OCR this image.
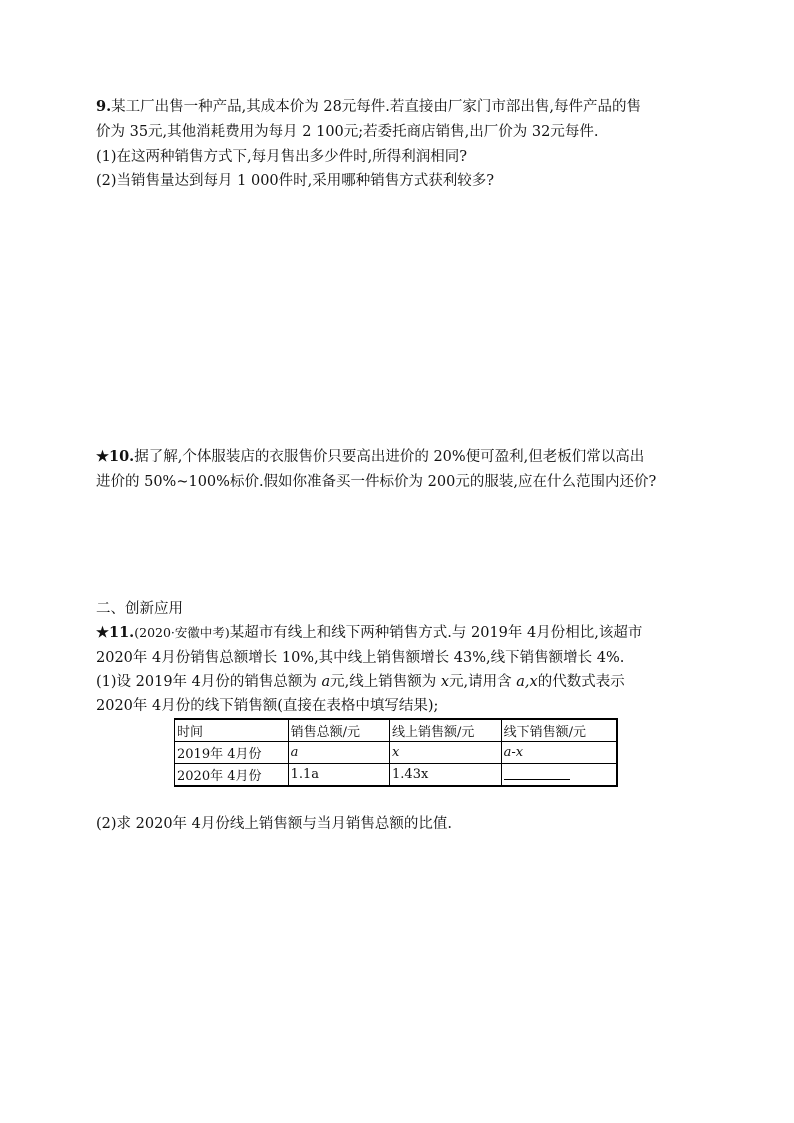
9.某工厂出售一种产品,其成本价为 28元每件.若直接由厂家门市部出售,每件产品的售
价为 35元,其他消耗费用为每月 2 100元;若委托商店销售,出厂价为 32元每件.
(1)在这两种销售方式下,每月售出多少件时,所得利润相同?
(2)当销售量达到每月 1 000件时,采用哪种销售方式获利较多?
★10.据了解,个体服装店的衣服售价只要高出进价的 20%便可盈利,但老板们常以高出
进价的 50%~100%标价.假如你准备买一件标价为 200元的服装,应在什么范围内还价?
二、创新应用
★11.(2020·安徽中考)某超市有线上和线下两种销售方式.与 2019年 4月份相比,该超市
2020年 4月份销售总额增长 10%,其中线上销售额增长 43%,线下销售额增长 4%.
(1)设 2019年 4月份的销售总额为 a元,线上销售额为 x元,请用含 a,x的代数式表示
2020年 4月份的线下销售额(直接在表格中填写结果);
时间	销售总额/元	线上销售额/元	线下销售额/元
2019年 4月份	a	x	a-x
2020年 4月份	1.1a	1.43x	
(2)求 2020年 4月份线上销售额与当月销售总额的比值.
